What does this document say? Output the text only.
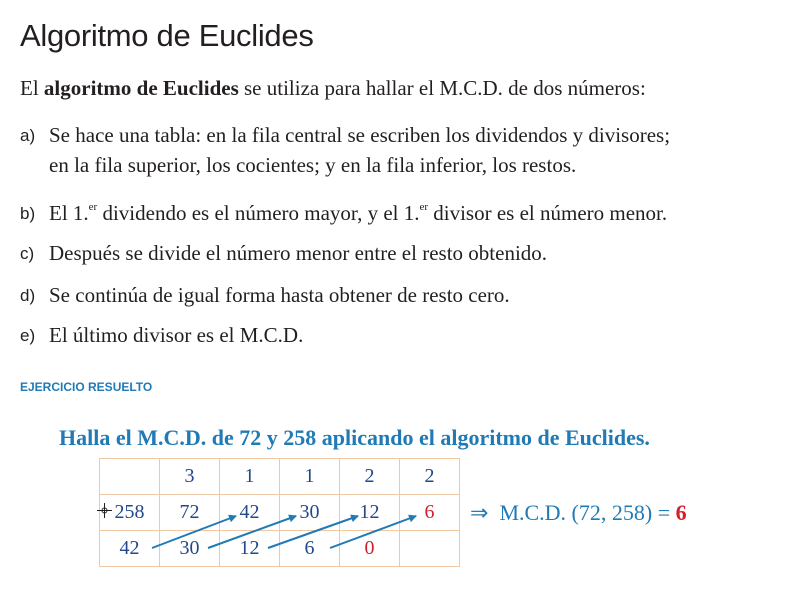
Algoritmo de Euclides
El algoritmo de Euclides se utiliza para hallar el M.C.D. de dos números:
a) Se hace una tabla: en la fila central se escriben los dividendos y divisores;
en la fila superior, los cocientes; y en la fila inferior, los restos.
b) El 1.$^{er}$ dividendo es el número mayor, y el 1.$^{er}$ divisor es el número menor.
c) Después se divide el número menor entre el resto obtenido.
d) Se continúa de igual forma hasta obtener de resto cero.
e) El último divisor es el M.C.D.
EJERCICIO RESUELTO
Halla el M.C.D. de 72 y 258 aplicando el algoritmo de Euclides.
	3	1	1	2	2
258	72	42	30	12	6
42	30	12	6	0	
⇒ M.C.D. (72, 258) = 6
